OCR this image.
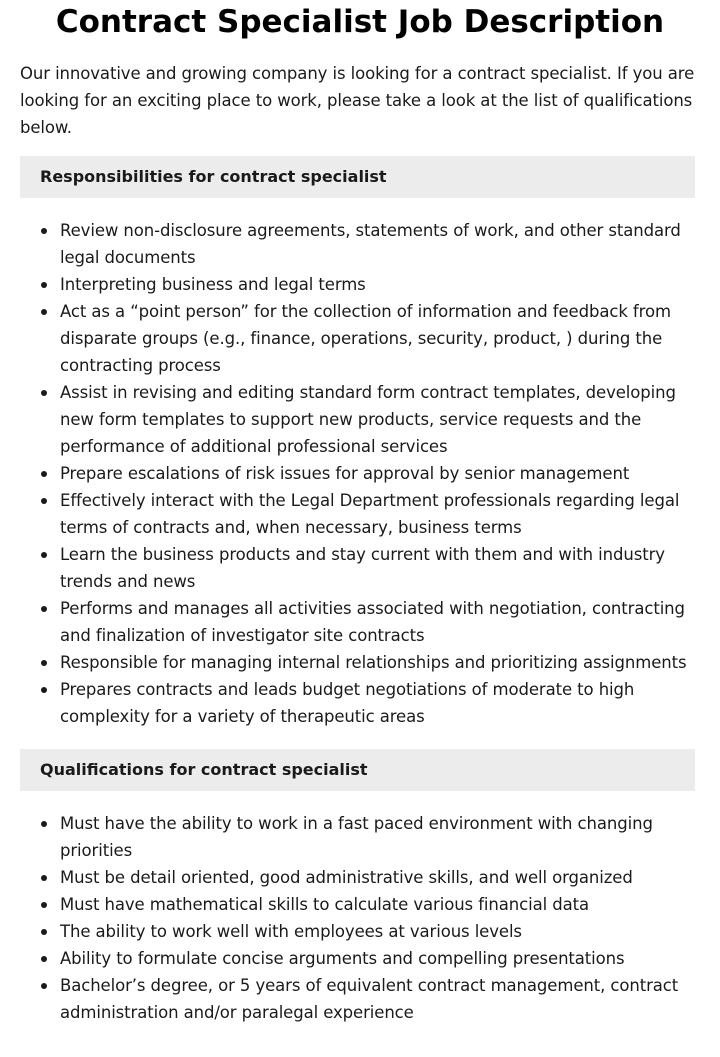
Contract Specialist Job Description

Our innovative and growing company is looking for a contract specialist. If you are looking for an exciting place to work, please take a look at the list of qualifications below.

Responsibilities for contract specialist
Review non-disclosure agreements, statements of work, and other standard legal documents
Interpreting business and legal terms
Act as a “point person” for the collection of information and feedback from disparate groups (e.g., finance, operations, security, product, ) during the contracting process
Assist in revising and editing standard form contract templates, developing new form templates to support new products, service requests and the performance of additional professional services
Prepare escalations of risk issues for approval by senior management
Effectively interact with the Legal Department professionals regarding legal terms of contracts and, when necessary, business terms
Learn the business products and stay current with them and with industry trends and news
Performs and manages all activities associated with negotiation, contracting and finalization of investigator site contracts
Responsible for managing internal relationships and prioritizing assignments
Prepares contracts and leads budget negotiations of moderate to high complexity for a variety of therapeutic areas
Qualifications for contract specialist
Must have the ability to work in a fast paced environment with changing priorities
Must be detail oriented, good administrative skills, and well organized
Must have mathematical skills to calculate various financial data
The ability to work well with employees at various levels
Ability to formulate concise arguments and compelling presentations
Bachelor’s degree, or 5 years of equivalent contract management, contract administration and/or paralegal experience
